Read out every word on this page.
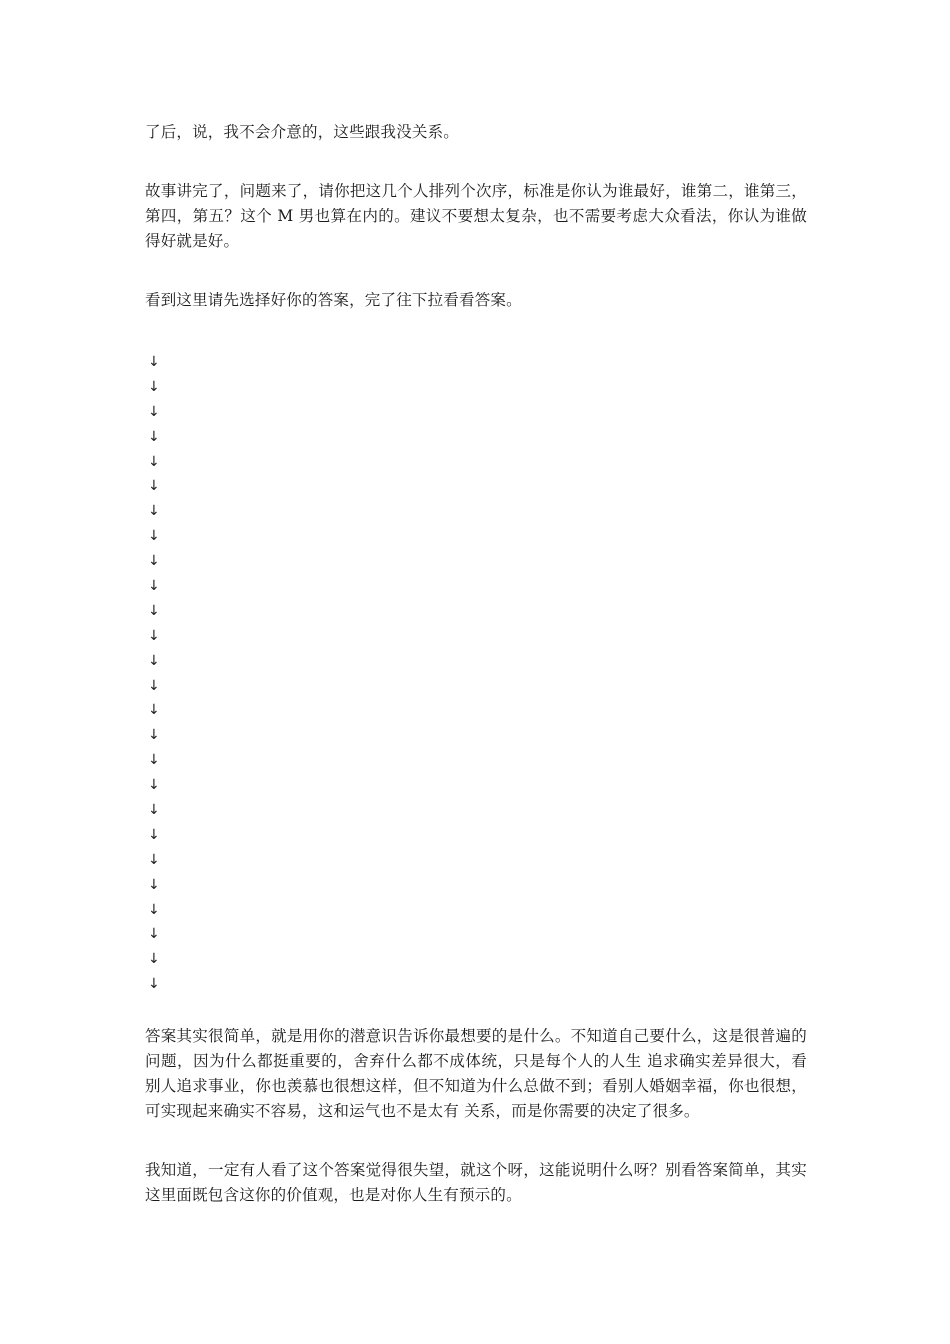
了后，说，我不会介意的，这些跟我没关系。

故事讲完了，问题来了，请你把这几个人排列个次序，标准是你认为谁最好，谁第二，谁第三，第四，第五？这个 M 男也算在内的。建议不要想太复杂，也不需要考虑大众看法，你认为谁做得好就是好。

看到这里请先选择好你的答案，完了往下拉看看答案。

↓
↓
↓
↓
↓
↓
↓
↓
↓
↓
↓
↓
↓
↓
↓
↓
↓
↓
↓
↓
↓
↓
↓
↓
↓
↓

答案其实很简单，就是用你的潜意识告诉你最想要的是什么。不知道自己要什么，这是很普遍的问题，因为什么都挺重要的，舍弃什么都不成体统，只是每个人的人生 追求确实差异很大，看别人追求事业，你也羡慕也很想这样，但不知道为什么总做不到；看别人婚姻幸福，你也很想，可实现起来确实不容易，这和运气也不是太有 关系，而是你需要的决定了很多。

我知道，一定有人看了这个答案觉得很失望，就这个呀，这能说明什么呀？别看答案简单，其实这里面既包含这你的价值观，也是对你人生有预示的。
